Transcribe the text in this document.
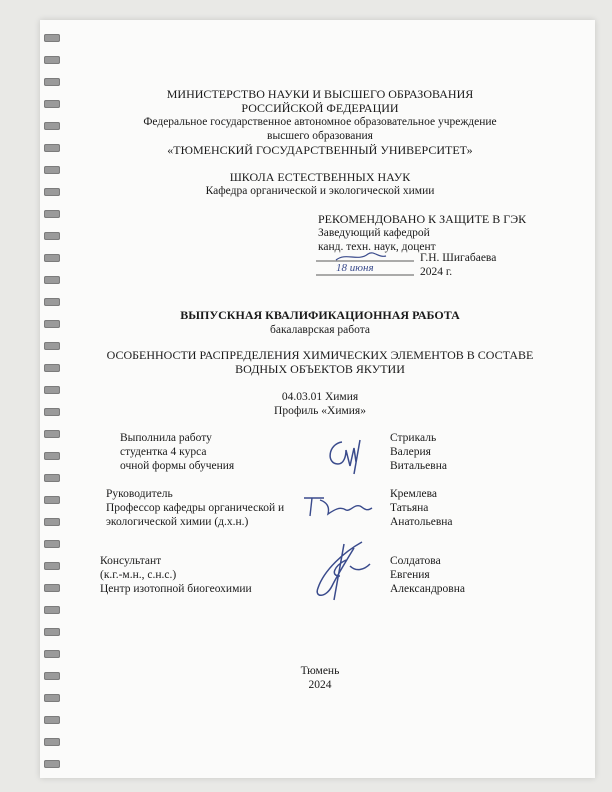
МИНИСТЕРСТВО НАУКИ И ВЫСШЕГО ОБРАЗОВАНИЯ
РОССИЙСКОЙ ФЕДЕРАЦИИ
Федеральное государственное автономное образовательное учреждение
высшего образования
«ТЮМЕНСКИЙ ГОСУДАРСТВЕННЫЙ УНИВЕРСИТЕТ»
ШКОЛА ЕСТЕСТВЕННЫХ НАУК
Кафедра органической и экологической химии
РЕКОМЕНДОВАНО К ЗАЩИТЕ В ГЭК
Заведующий кафедрой
канд. техн. наук, доцент
Г.Н. Шигабаева
18 июня	2024 г.
ВЫПУСКНАЯ КВАЛИФИКАЦИОННАЯ РАБОТА
бакалаврская работа
ОСОБЕННОСТИ РАСПРЕДЕЛЕНИЯ ХИМИЧЕСКИХ ЭЛЕМЕНТОВ В СОСТАВЕ
ВОДНЫХ ОБЪЕКТОВ ЯКУТИИ
04.03.01 Химия
Профиль «Химия»
Выполнила работу
студентка 4 курса
очной формы обучения
Стрикаль
Валерия
Витальевна
Руководитель
Профессор кафедры органической и
экологической химии (д.х.н.)
Кремлева
Татьяна
Анатольевна
Консультант
(к.г.-м.н., с.н.с.)
Центр изотопной биогеохимии
Солдатова
Евгения
Александровна
Тюмень
2024
